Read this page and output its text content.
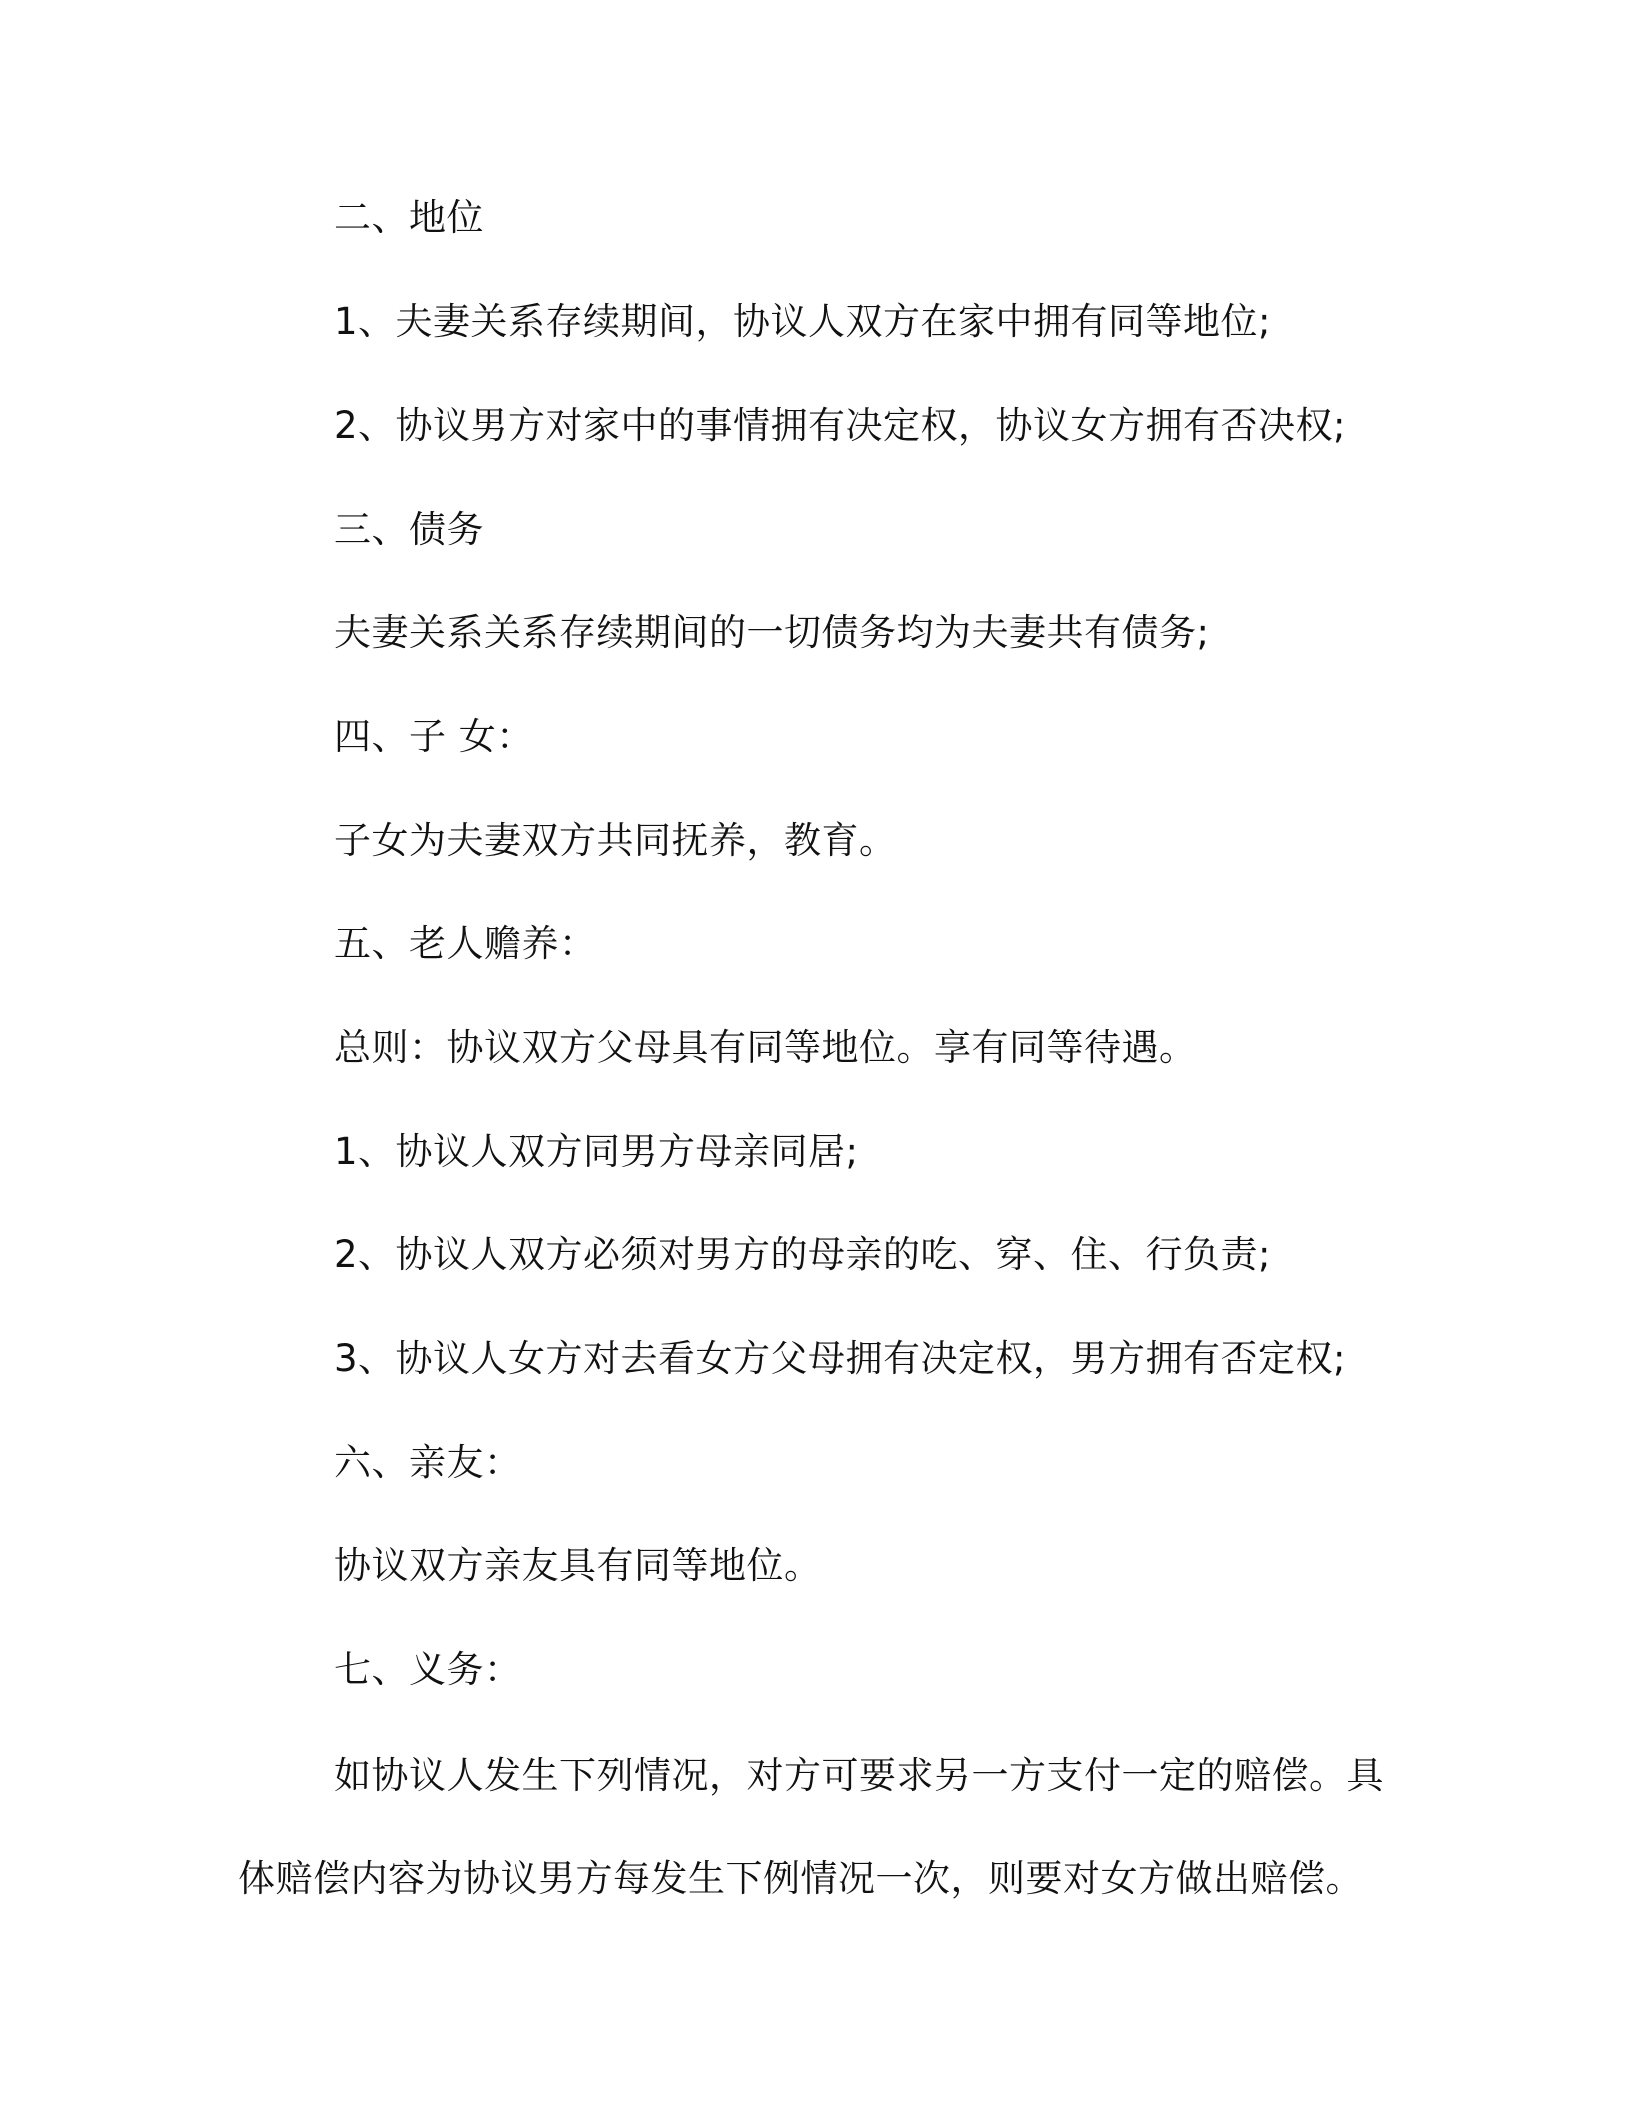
二、地位
1、夫妻关系存续期间，协议人双方在家中拥有同等地位;
2、协议男方对家中的事情拥有决定权，协议女方拥有否决权;
三、债务
夫妻关系关系存续期间的一切债务均为夫妻共有债务;
四、子 女：
子女为夫妻双方共同抚养，教育。
五、老人赡养：
总则：协议双方父母具有同等地位。享有同等待遇。
1、协议人双方同男方母亲同居;
2、协议人双方必须对男方的母亲的吃、穿、住、行负责;
3、协议人女方对去看女方父母拥有决定权，男方拥有否定权;
六、亲友：
协议双方亲友具有同等地位。
七、义务：
如协议人发生下列情况，对方可要求另一方支付一定的赔偿。具
体赔偿内容为协议男方每发生下例情况一次，则要对女方做出赔偿。
